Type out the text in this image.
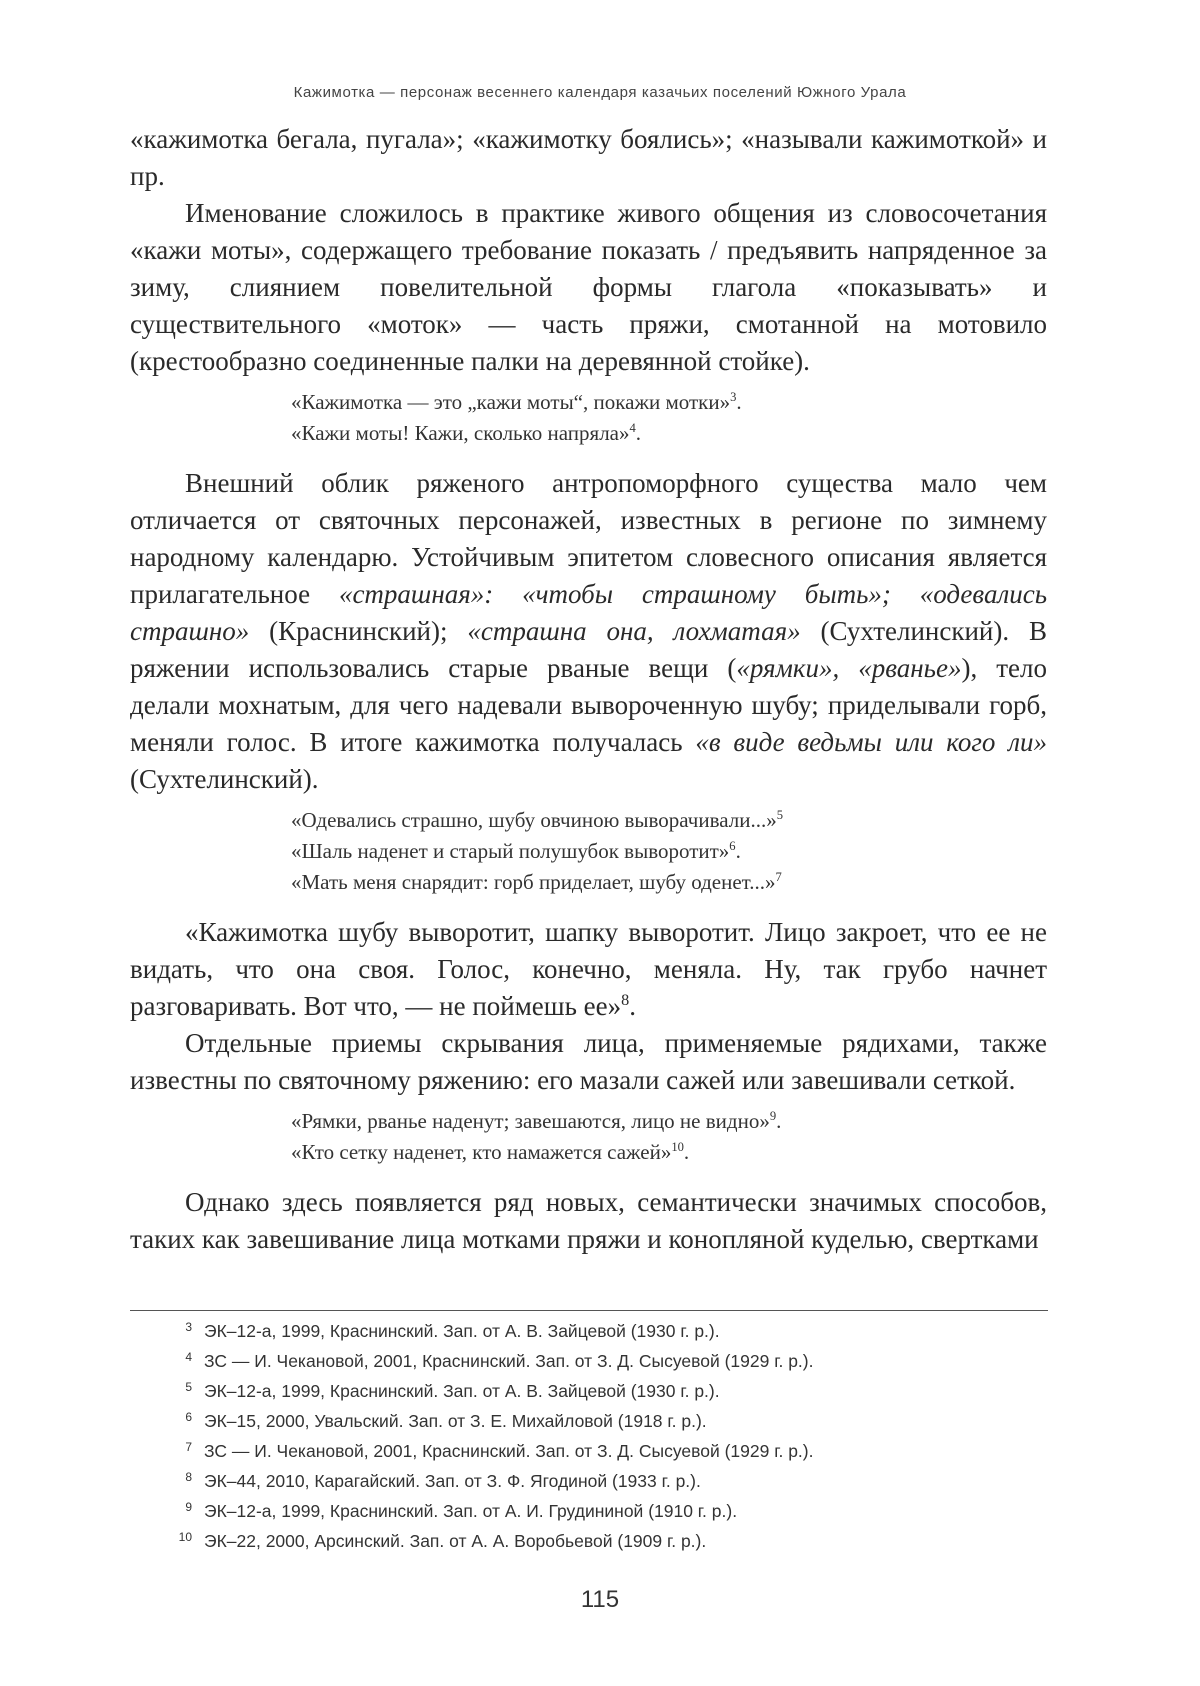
Кажимотка — персонаж весеннего календаря казачьих поселений Южного Урала

«кажимотка бегала, пугала»; «кажимотку боялись»; «называли кажимоткой» и пр.

Именование сложилось в практике живого общения из словосочетания «кажи моты», содержащего требование показать / предъявить напряденное за зиму, слиянием повелительной формы глагола «показывать» и существительного «моток» — часть пряжи, смотанной на мотовило (крестообразно соединенные палки на деревянной стойке).

«Кажимотка — это „кажи моты“, покажи мотки»3.
«Кажи моты! Кажи, сколько напряла»4.

Внешний облик ряженого антропоморфного существа мало чем отличается от святочных персонажей, известных в регионе по зимнему народному календарю. Устойчивым эпитетом словесного описания является прилагательное «страшная»: «чтобы страшному быть»; «одевались страшно» (Краснинский); «страшна она, лохматая» (Сухтелинский). В ряжении использовались старые рваные вещи («рямки», «рванье»), тело делали мохнатым, для чего надевали вывороченную шубу; приделывали горб, меняли голос. В итоге кажимотка получалась «в виде ведьмы или кого ли» (Сухтелинский).

«Одевались страшно, шубу овчиною выворачивали...»5
«Шаль наденет и старый полушубок выворотит»6.
«Мать меня снарядит: горб приделает, шубу оденет...»7

«Кажимотка шубу выворотит, шапку выворотит. Лицо закроет, что ее не видать, что она своя. Голос, конечно, меняла. Ну, так грубо начнет разговаривать. Вот что, — не поймешь ее»8.

Отдельные приемы скрывания лица, применяемые рядихами, также известны по святочному ряжению: его мазали сажей или завешивали сеткой.

«Рямки, рванье наденут; завешаются, лицо не видно»9.
«Кто сетку наденет, кто намажется сажей»10.

Однако здесь появляется ряд новых, семантически значимых способов, таких как завешивание лица мотками пряжи и конопляной куделью, свертками

3 ЭК–12-а, 1999, Краснинский. Зап. от А. В. Зайцевой (1930 г. р.).
4 ЗС — И. Чекановой, 2001, Краснинский. Зап. от З. Д. Сысуевой (1929 г. р.).
5 ЭК–12-а, 1999, Краснинский. Зап. от А. В. Зайцевой (1930 г. р.).
6 ЭК–15, 2000, Увальский. Зап. от З. Е. Михайловой (1918 г. р.).
7 ЗС — И. Чекановой, 2001, Краснинский. Зап. от З. Д. Сысуевой (1929 г. р.).
8 ЭК–44, 2010, Карагайский. Зап. от З. Ф. Ягодиной (1933 г. р.).
9 ЭК–12-а, 1999, Краснинский. Зап. от А. И. Грудининой (1910 г. р.).
10 ЭК–22, 2000, Арсинский. Зап. от А. А. Воробьевой (1909 г. р.).
115
